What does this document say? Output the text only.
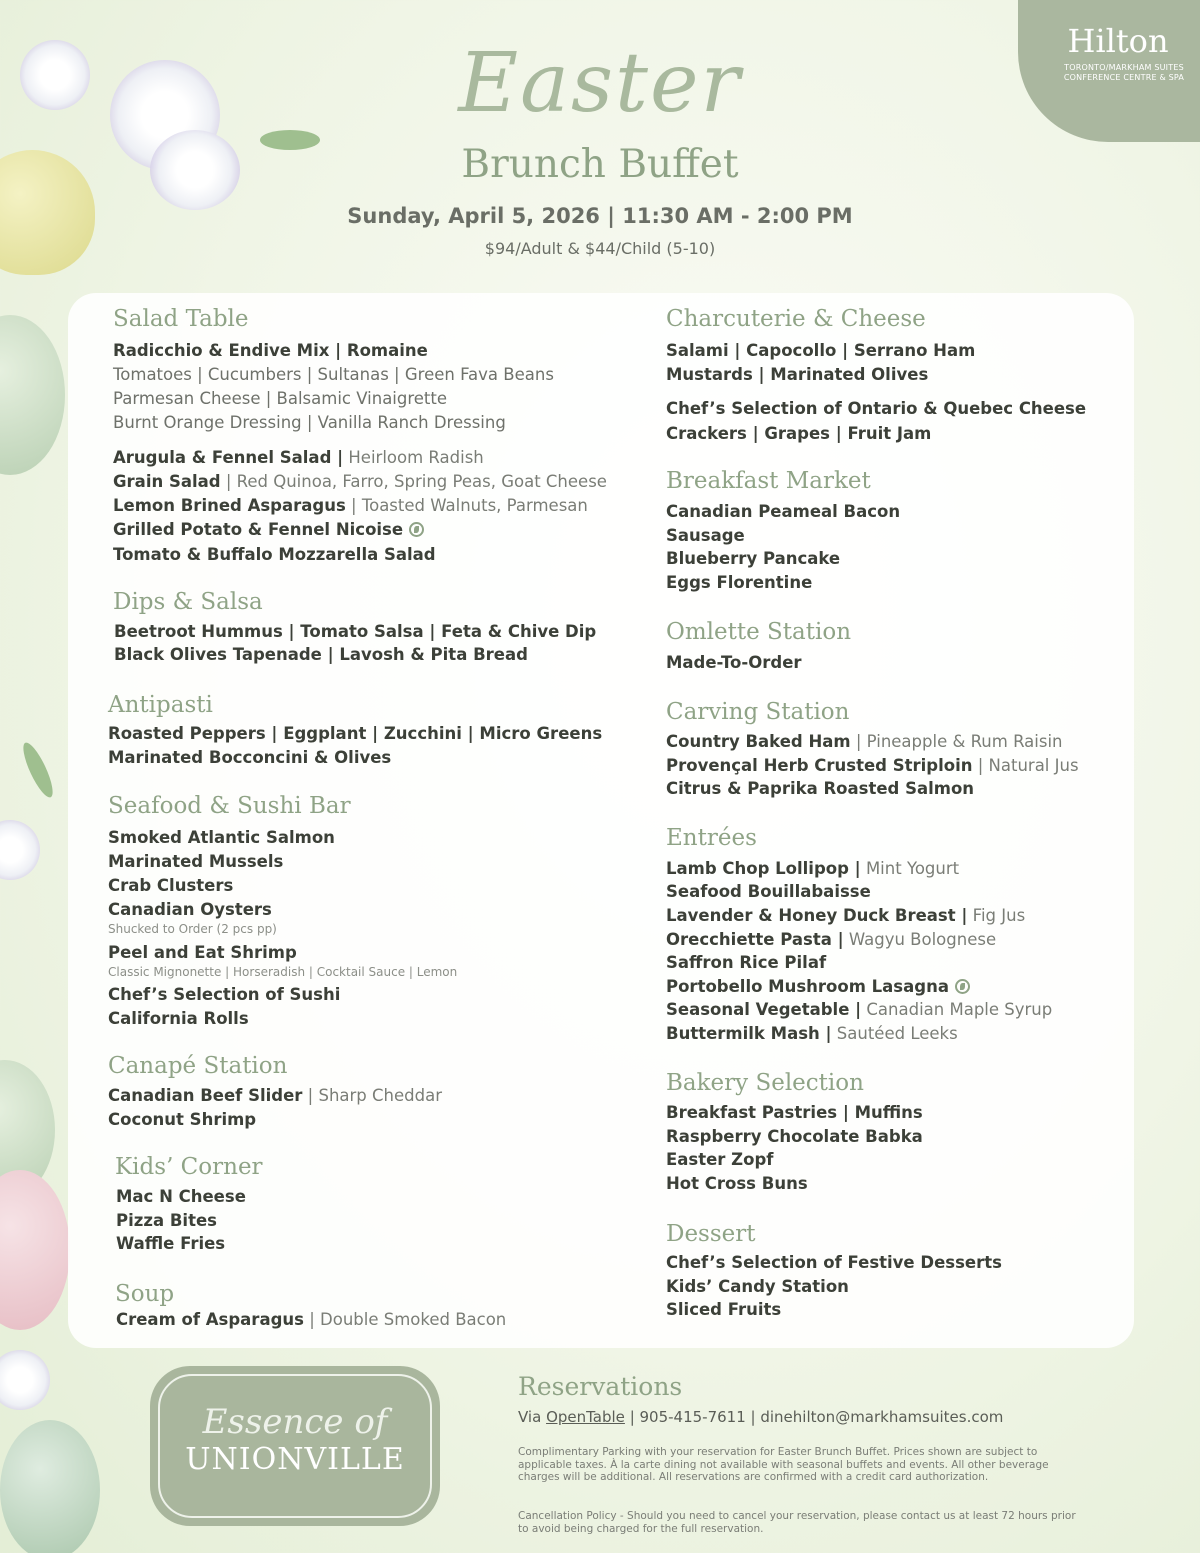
Hilton
TORONTO/MARKHAM SUITES CONFERENCE CENTRE & SPA
Easter
Brunch Buffet
Sunday, April 5, 2026 | 11:30 AM - 2:00 PM
$94/Adult & $44/Child (5-10)
Salad Table
Radicchio & Endive Mix | Romaine
Tomatoes | Cucumbers | Sultanas | Green Fava Beans
Parmesan Cheese | Balsamic Vinaigrette
Burnt Orange Dressing | Vanilla Ranch Dressing
Arugula & Fennel Salad | Heirloom Radish
Grain Salad | Red Quinoa, Farro, Spring Peas, Goat Cheese
Lemon Brined Asparagus | Toasted Walnuts, Parmesan
Grilled Potato & Fennel Nicoise
Tomato & Buffalo Mozzarella Salad
Dips & Salsa
Beetroot Hummus | Tomato Salsa | Feta & Chive Dip
Black Olives Tapenade | Lavosh & Pita Bread
Antipasti
Roasted Peppers | Eggplant | Zucchini | Micro Greens
Marinated Bocconcini & Olives
Seafood & Sushi Bar
Smoked Atlantic Salmon
Marinated Mussels
Crab Clusters
Canadian Oysters
Shucked to Order (2 pcs pp)
Peel and Eat Shrimp
Classic Mignonette | Horseradish | Cocktail Sauce | Lemon
Chef’s Selection of Sushi
California Rolls
Canapé Station
Canadian Beef Slider | Sharp Cheddar
Coconut Shrimp
Kids’ Corner
Mac N Cheese
Pizza Bites
Waffle Fries
Soup
Cream of Asparagus | Double Smoked Bacon
Charcuterie & Cheese
Salami | Capocollo | Serrano Ham
Mustards | Marinated Olives
Chef’s Selection of Ontario & Quebec Cheese
Crackers | Grapes | Fruit Jam
Breakfast Market
Canadian Peameal Bacon
Sausage
Blueberry Pancake
Eggs Florentine
Omlette Station
Made-To-Order
Carving Station
Country Baked Ham | Pineapple & Rum Raisin
Provençal Herb Crusted Striploin | Natural Jus
Citrus & Paprika Roasted Salmon
Entrées
Lamb Chop Lollipop | Mint Yogurt
Seafood Bouillabaisse
Lavender & Honey Duck Breast | Fig Jus
Orecchiette Pasta | Wagyu Bolognese
Saffron Rice Pilaf
Portobello Mushroom Lasagna
Seasonal Vegetable | Canadian Maple Syrup
Buttermilk Mash | Sautéed Leeks
Bakery Selection
Breakfast Pastries | Muffins
Raspberry Chocolate Babka
Easter Zopf
Hot Cross Buns
Dessert
Chef’s Selection of Festive Desserts
Kids’ Candy Station
Sliced Fruits
Essence of
UNIONVILLE
Reservations
Via OpenTable | 905-415-7611 | dinehilton@markhamsuites.com
Complimentary Parking with your reservation for Easter Brunch Buffet. Prices shown are subject to applicable taxes. À la carte dining not available with seasonal buffets and events. All other beverage charges will be additional. All reservations are confirmed with a credit card authorization.
Cancellation Policy - Should you need to cancel your reservation, please contact us at least 72 hours prior to avoid being charged for the full reservation.
